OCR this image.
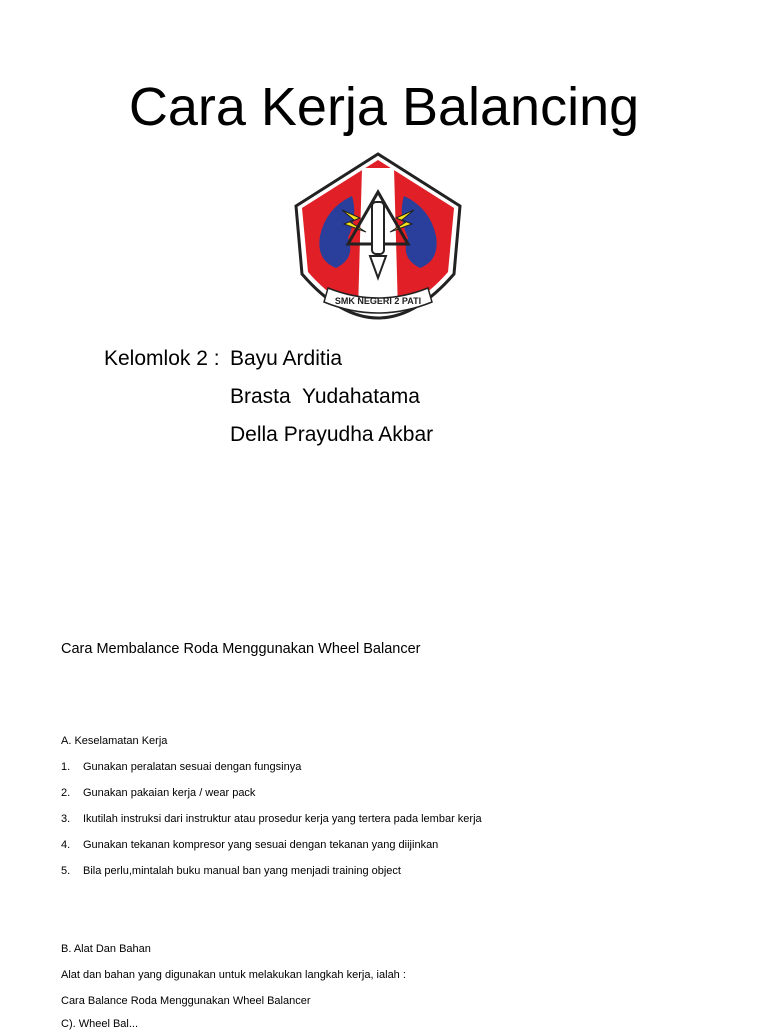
Cara Kerja Balancing
SMK NEGERI 2 PATI
Kelomlok 2 : Bayu Arditia
Brasta  Yudahatama
Della Prayudha Akbar
Cara Membalance Roda Menggunakan Wheel Balancer
A. Keselamatan Kerja
1. Gunakan peralatan sesuai dengan fungsinya
2. Gunakan pakaian kerja / wear pack
3. Ikutilah instruksi dari instruktur atau prosedur kerja yang tertera pada lembar kerja
4. Gunakan tekanan kompresor yang sesuai dengan tekanan yang diijinkan
5. Bila perlu,mintalah buku manual ban yang menjadi training object
B. Alat Dan Bahan
Alat dan bahan yang digunakan untuk melakukan langkah kerja, ialah :
Cara Balance Roda Menggunakan Wheel Balancer
C). Wheel Bal...
